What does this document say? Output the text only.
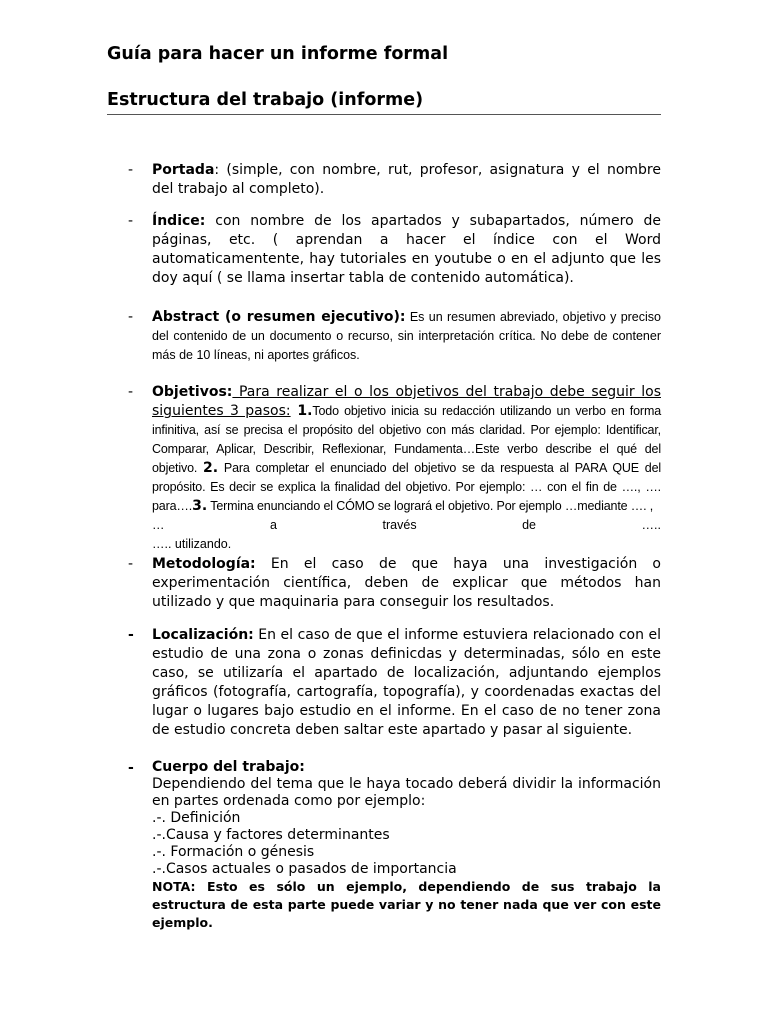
Guía para hacer un informe formal
Estructura del trabajo (informe)
- Portada: (simple, con nombre, rut, profesor, asignatura y el nombre del trabajo al completo).
- Índice: con nombre de los apartados y subapartados, número de páginas, etc. ( aprendan a hacer el índice con el Word automaticamentente, hay tutoriales en youtube o en el adjunto que les doy aquí ( se llama insertar tabla de contenido automática).
- Abstract (o resumen ejecutivo): Es un resumen abreviado, objetivo y preciso del contenido de un documento o recurso, sin interpretación crítica. No debe de contener más de 10 líneas, ni aportes gráficos.
- Objetivos: Para realizar el o los objetivos del trabajo debe seguir los siguientes 3 pasos: 1.Todo objetivo inicia su redacción utilizando un verbo en forma infinitiva, así se precisa el propósito del objetivo con más claridad. Por ejemplo: Identificar, Comparar, Aplicar, Describir, Reflexionar, Fundamenta…Este verbo describe el qué del objetivo. 2. Para completar el enunciado del objetivo se da respuesta al PARA QUE del propósito. Es decir se explica la finalidad del objetivo. Por ejemplo: … con el fin de …., …. para….3. Termina enunciando el CÓMO se logrará el objetivo. Por ejemplo …mediante …. ,
… a través de …..
….. utilizando.
- Metodología: En el caso de que haya una investigación o experimentación científica, deben de explicar que métodos han utilizado y que maquinaria para conseguir los resultados.
- Localización: En el caso de que el informe estuviera relacionado con el estudio de una zona o zonas definicdas y determinadas, sólo en este caso, se utilizaría el apartado de localización, adjuntando ejemplos gráficos (fotografía, cartografía, topografía), y coordenadas exactas del lugar o lugares bajo estudio en el informe. En el caso de no tener zona de estudio concreta deben saltar este apartado y pasar al siguiente.
- Cuerpo del trabajo:
Dependiendo del tema que le haya tocado deberá dividir la información en partes ordenada como por ejemplo:
.-. Definición
.-.Causa y factores determinantes
.-. Formación o génesis
.-.Casos actuales o pasados de importancia
NOTA: Esto es sólo un ejemplo, dependiendo de sus trabajo la estructura de esta parte puede variar y no tener nada que ver con este ejemplo.
